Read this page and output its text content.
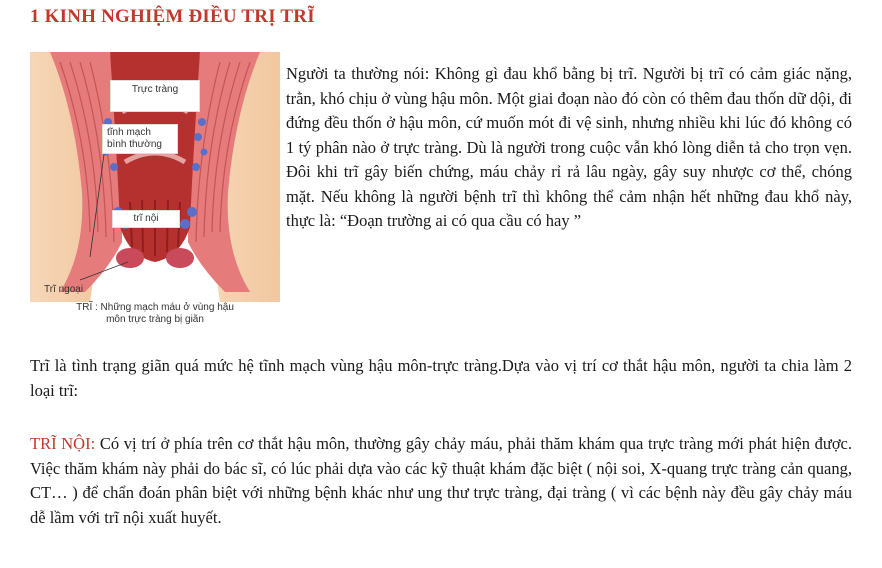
1 KINH NGHIỆM ĐIỀU TRỊ TRĨ
Trực tràng
tĩnh mạch
bình thường
trĩ nội
Trĩ ngoại
TRĨ : Những mạch máu ở vùng hậu
môn trực tràng bị giãn

Người ta thường nói: Không gì đau khổ bằng bị trĩ. Người bị trĩ có cảm giác nặng, trằn, khó chịu ở vùng hậu môn. Một giai đoạn nào đó còn có thêm đau thốn dữ dội, đi đứng đều thốn ở hậu môn, cứ muốn mót đi vệ sinh, nhưng nhiều khi lúc đó không có 1 tý phân nào ở trực tràng. Dù là người trong cuộc vẫn khó lòng diễn tả cho trọn vẹn. Đôi khi trĩ gây biến chứng, máu chảy rỉ rả lâu ngày, gây suy nhược cơ thể, chóng mặt. Nếu không là người bệnh trĩ thì không thể cảm nhận hết những đau khổ này, thực là: “Đoạn trường ai có qua cầu có hay ”

Trĩ là tình trạng giãn quá mức hệ tĩnh mạch vùng hậu môn-trực tràng.Dựa vào vị trí cơ thắt hậu môn, người ta chia làm 2 loại trĩ:

TRĨ NỘI: Có vị trí ở phía trên cơ thắt hậu môn, thường gây chảy máu, phải thăm khám qua trực tràng mới phát hiện được. Việc thăm khám này phải do bác sĩ, có lúc phải dựa vào các kỹ thuật khám đặc biệt ( nội soi, X-quang trực tràng cản quang, CT… ) để chẩn đoán phân biệt với những bệnh khác như ung thư trực tràng, đại tràng ( vì các bệnh này đều gây chảy máu dễ lầm với trĩ nội xuất huyết.
